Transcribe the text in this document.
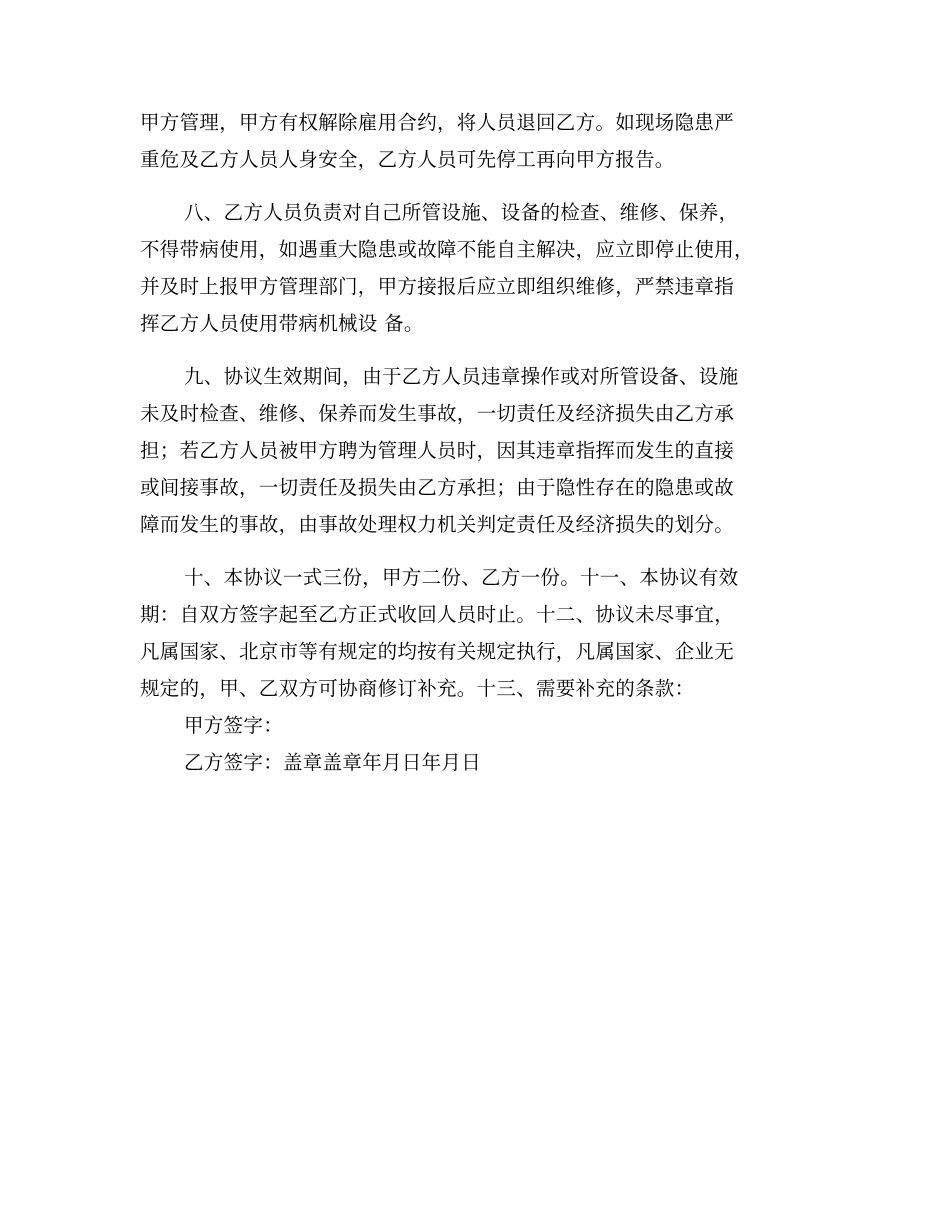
甲方管理，甲方有权解除雇用合约，将人员退回乙方。如现场隐患严
重危及乙方人员人身安全，乙方人员可先停工再向甲方报告。

八、乙方人员负责对自己所管设施、设备的检查、维修、保养，
不得带病使用，如遇重大隐患或故障不能自主解决，应立即停止使用，
并及时上报甲方管理部门，甲方接报后应立即组织维修，严禁违章指
挥乙方人员使用带病机械设 备。

九、协议生效期间，由于乙方人员违章操作或对所管设备、设施
未及时检查、维修、保养而发生事故，一切责任及经济损失由乙方承
担；若乙方人员被甲方聘为管理人员时，因其违章指挥而发生的直接
或间接事故，一切责任及损失由乙方承担；由于隐性存在的隐患或故
障而发生的事故，由事故处理权力机关判定责任及经济损失的划分。

十、本协议一式三份，甲方二份、乙方一份。十一、本协议有效
期：自双方签字起至乙方正式收回人员时止。十二、协议未尽事宜，
凡属国家、北京市等有规定的均按有关规定执行，凡属国家、企业无
规定的，甲、乙双方可协商修订补充。十三、需要补充的条款：

甲方签字：

乙方签字：盖章盖章年月日年月日
